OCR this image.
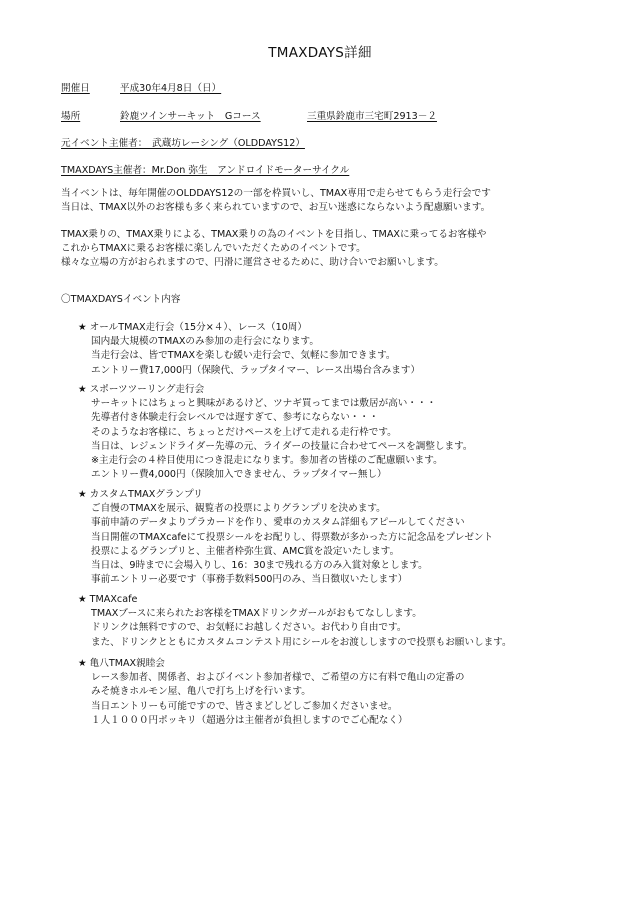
TMAXDAYS詳細
開催日	平成30年4月8日（日）
場所	鈴鹿ツインサーキット　Gコース	三重県鈴鹿市三宅町2913－２
元イベント主催者：　武蔵坊レーシング（OLDDAYS12）
TMAXDAYS主催者：Mr.Don 弥生　アンドロイドモーターサイクル
当イベントは、毎年開催のOLDDAYS12の一部を枠買いし、TMAX専用で走らせてもらう走行会です
当日は、TMAX以外のお客様も多く来られていますので、お互い迷惑にならないよう配慮願います。
TMAX乗りの、TMAX乗りによる、TMAX乗りの為のイベントを目指し、TMAXに乗ってるお客様や
これからTMAXに乗るお客様に楽しんでいただくためのイベントです。
様々な立場の方がおられますので、円滑に運営させるために、助け合いでお願いします。
〇TMAXDAYSイベント内容
★ オールTMAX走行会（15分×４）、レース（10周）
国内最大規模のTMAXのみ参加の走行会になります。
当走行会は、皆でTMAXを楽しむ緩い走行会で、気軽に参加できます。
エントリー費17,000円（保険代、ラップタイマー、レース出場台含みます）
★ スポーツツーリング走行会
サーキットにはちょっと興味があるけど、ツナギ買ってまでは敷居が高い・・・
先導者付き体験走行会レベルでは遅すぎて、参考にならない・・・
そのようなお客様に、ちょっとだけペースを上げて走れる走行枠です。
当日は、レジェンドライダー先導の元、ライダーの技量に合わせてペースを調整します。
※主走行会の４枠目使用につき混走になります。参加者の皆様のご配慮願います。
エントリー費4,000円（保険加入できません、ラップタイマー無し）
★ カスタムTMAXグランプリ
ご自慢のTMAXを展示、観覧者の投票によりグランプリを決めます。
事前申請のデータよりプラカードを作り、愛車のカスタム詳細もアピールしてください
当日開催のTMAXcafeにて投票シールをお配りし、得票数が多かった方に記念品をプレゼント
投票によるグランプリと、主催者枠弥生賞、AMC賞を設定いたします。
当日は、9時までに会場入りし、16：30まで残れる方のみ入賞対象とします。
事前エントリー必要です（事務手数料500円のみ、当日徴収いたします）
★ TMAXcafe
TMAXブースに来られたお客様をTMAXドリンクガールがおもてなしします。
ドリンクは無料ですので、お気軽にお越しください。お代わり自由です。
また、ドリンクとともにカスタムコンテスト用にシールをお渡ししますので投票もお願いします。
★ 亀八TMAX親睦会
レース参加者、関係者、およびイベント参加者様で、ご希望の方に有料で亀山の定番の
みそ焼きホルモン屋、亀八で打ち上げを行います。
当日エントリーも可能ですので、皆さまどしどしご参加くださいませ。
１人１０００円ポッキリ（超過分は主催者が負担しますのでご心配なく）
